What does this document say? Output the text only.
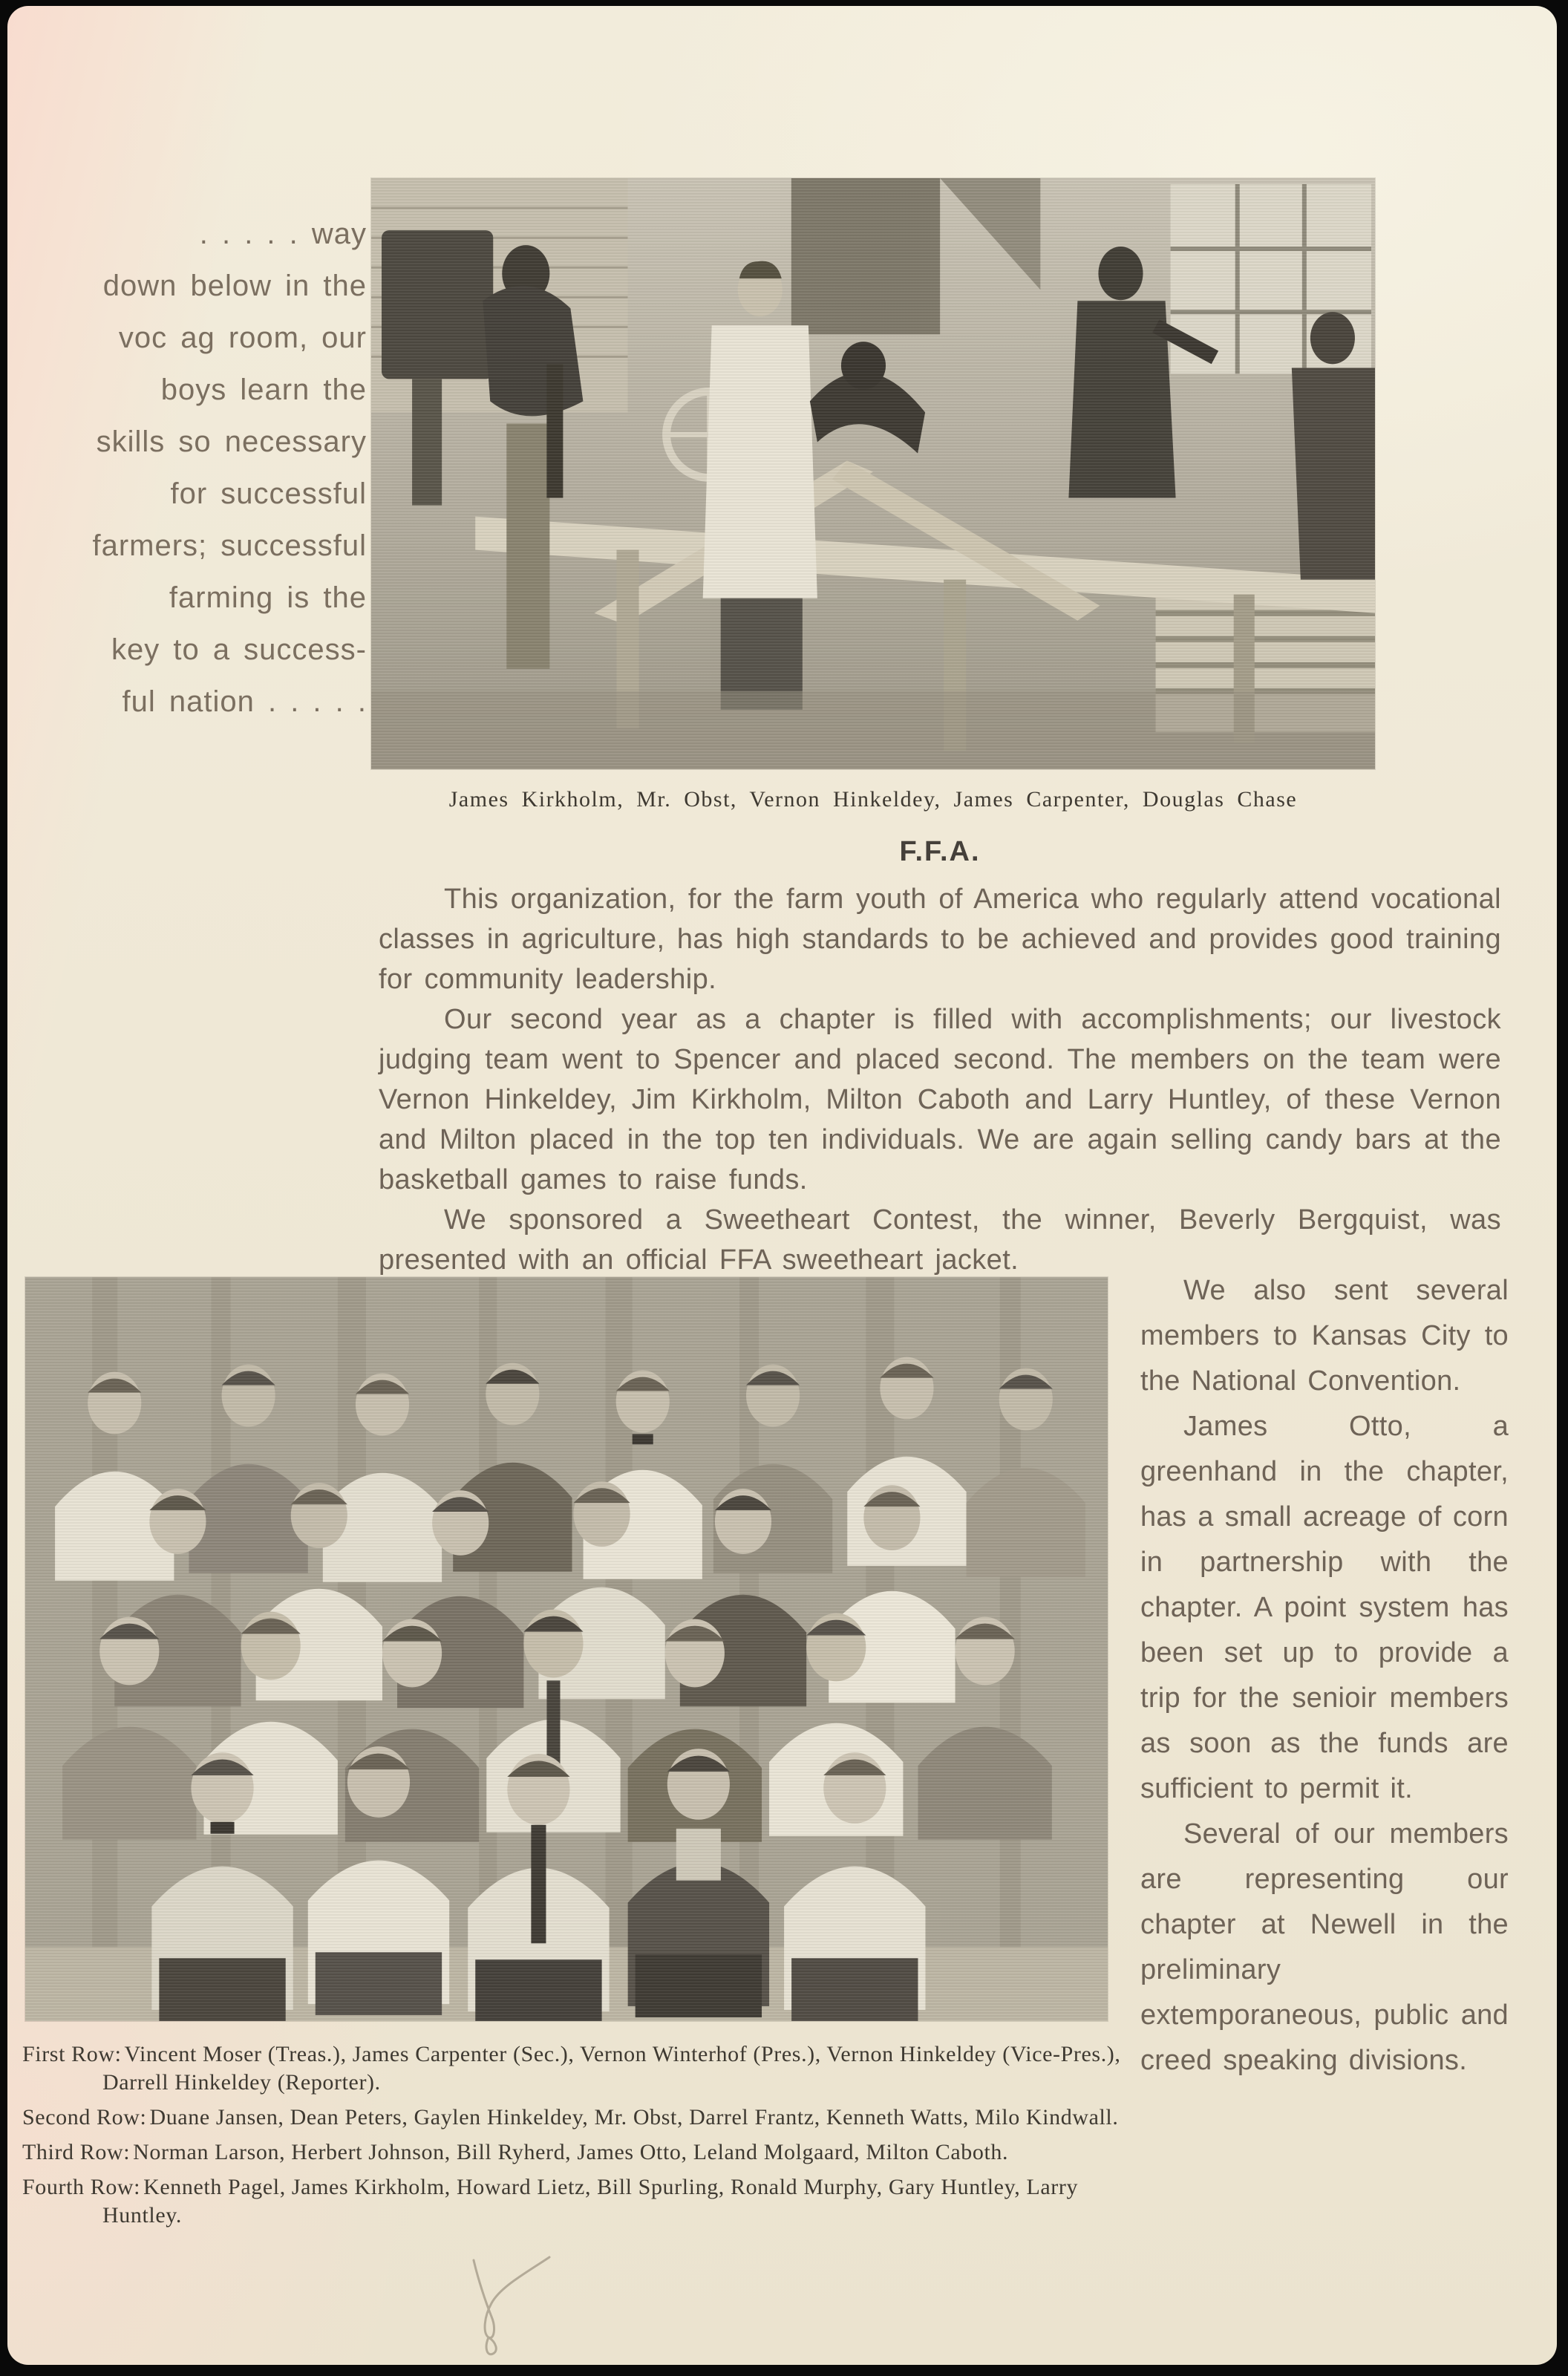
. . . . . way
down below in the
voc ag room, our
boys learn the
skills so necessary
for successful
farmers; successful
farming is the
key to a success-
ful nation . . . . .
James Kirkholm, Mr. Obst, Vernon Hinkeldey, James Carpenter, Douglas Chase
F.F.A.

This organization, for the farm youth of America who regularly attend vocational classes in agriculture, has high standards to be achieved and provides good training for community leadership.

Our second year as a chapter is filled with accomplishments; our livestock judging team went to Spencer and placed second. The members on the team were Vernon Hinkeldey, Jim Kirkholm, Milton Caboth and Larry Huntley, of these Vernon and Milton placed in the top ten individuals. We are again selling candy bars at the basketball games to raise funds.

We sponsored a Sweetheart Contest, the winner, Beverly Bergquist, was presented with an official FFA sweetheart jacket.

We also sent several members to Kansas City to the National Convention.

James Otto, a greenhand in the chapter, has a small acreage of corn in partnership with the chapter. A point system has been set up to provide a trip for the senioir members as soon as the funds are sufficient to permit it.

Several of our members are representing our chapter at Newell in the preliminary extemporaneous, public and creed speaking divisions.

First Row: Vincent Moser (Treas.), James Carpenter (Sec.), Vernon Winterhof (Pres.), Vernon Hinkeldey (Vice-Pres.), Darrell Hinkeldey (Reporter).

Second Row: Duane Jansen, Dean Peters, Gaylen Hinkeldey, Mr. Obst, Darrel Frantz, Kenneth Watts, Milo Kindwall.

Third Row: Norman Larson, Herbert Johnson, Bill Ryherd, James Otto, Leland Molgaard, Milton Caboth.

Fourth Row: Kenneth Pagel, James Kirkholm, Howard Lietz, Bill Spurling, Ronald Murphy, Gary Huntley, Larry Huntley.
